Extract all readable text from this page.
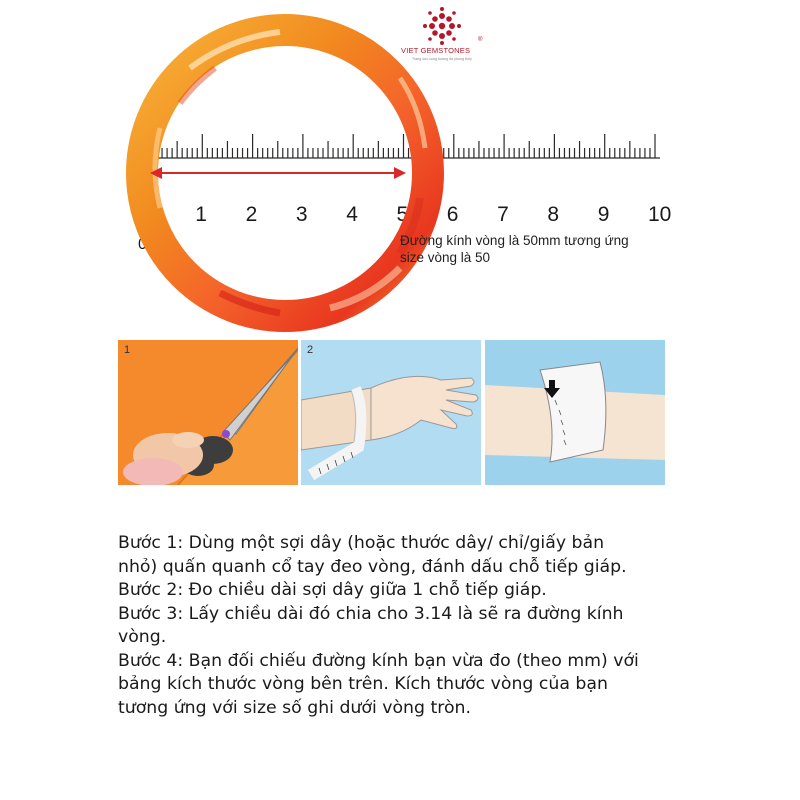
VIET GEMSTONES
®
Trang sức cung hoàng đá phong thủy
0
1 2 3 4 5 6 7 8 9 10
Đường kính vòng là 50mm tương ứng
size vòng là 50
1	2

Bước 1: Dùng một sợi dây (hoặc thước dây/ chỉ/giấy bản

nhỏ) quấn quanh cổ tay đeo vòng, đánh dấu chỗ tiếp giáp.

Bước 2: Đo chiều dài sợi dây giữa 1 chỗ tiếp giáp.

Bước 3: Lấy chiều dài đó chia cho 3.14 là sẽ ra đường kính

vòng.

Bước 4: Bạn đối chiếu đường kính bạn vừa đo (theo mm) với

bảng kích thước vòng bên trên. Kích thước vòng của bạn

tương ứng với size số ghi dưới vòng tròn.
